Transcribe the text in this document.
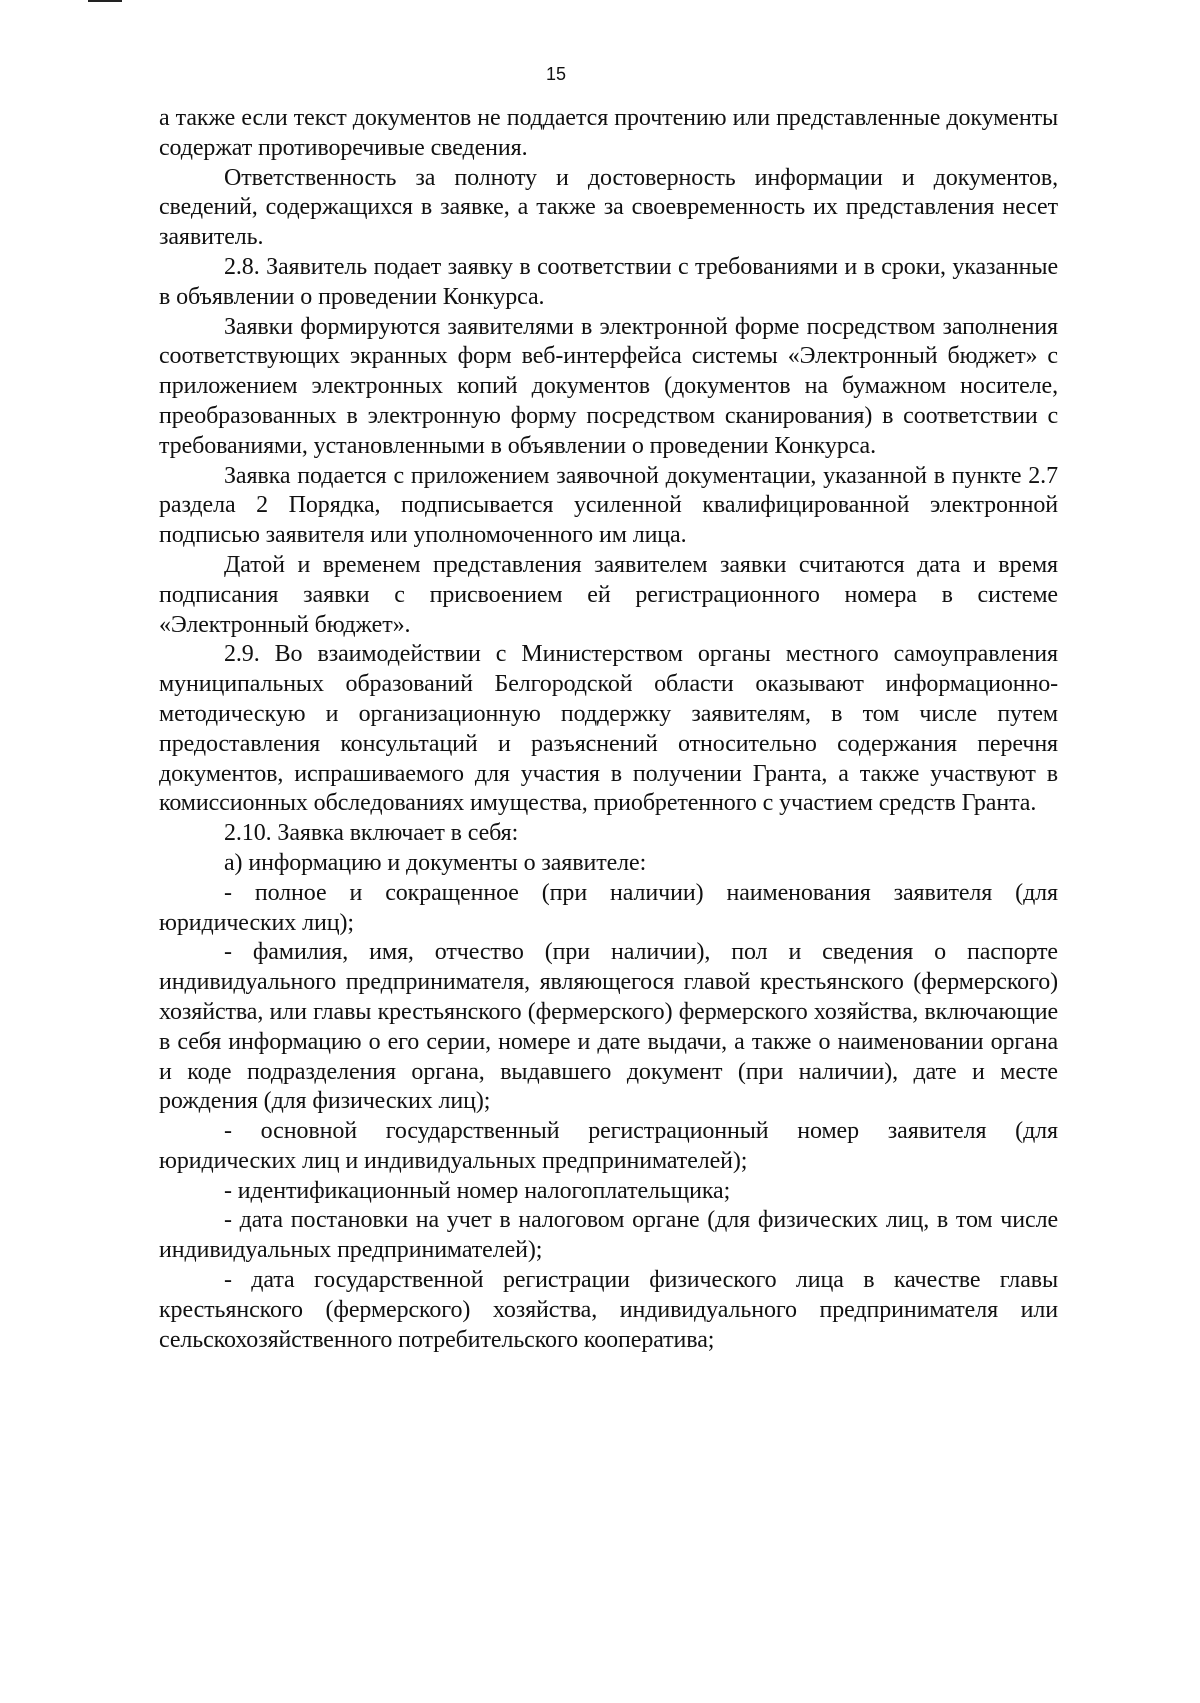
15

а также если текст документов не поддается прочтению или представленные документы содержат противоречивые сведения.

Ответственность за полноту и достоверность информации и документов, сведений, содержащихся в заявке, а также за своевременность их представления несет заявитель.

2.8. Заявитель подает заявку в соответствии с требованиями и в сроки, указанные в объявлении о проведении Конкурса.

Заявки формируются заявителями в электронной форме посредством заполнения соответствующих экранных форм веб-интерфейса системы «Электронный бюджет» с приложением электронных копий документов (документов на бумажном носителе, преобразованных в электронную форму посредством сканирования) в соответствии с требованиями, установленными в объявлении о проведении Конкурса.

Заявка подается с приложением заявочной документации, указанной в пункте 2.7 раздела 2 Порядка, подписывается усиленной квалифицированной электронной подписью заявителя или уполномоченного им лица.

Датой и временем представления заявителем заявки считаются дата и время подписания заявки с присвоением ей регистрационного номера в системе «Электронный бюджет».

2.9. Во взаимодействии с Министерством органы местного самоуправления муниципальных образований Белгородской области оказывают информационно-методическую и организационную поддержку заявителям, в том числе путем предоставления консультаций и разъяснений относительно содержания перечня документов, испрашиваемого для участия в получении Гранта, а также участвуют в комиссионных обследованиях имущества, приобретенного с участием средств Гранта.

2.10. Заявка включает в себя:

а) информацию и документы о заявителе:

- полное и сокращенное (при наличии) наименования заявителя (для юридических лиц);

- фамилия, имя, отчество (при наличии), пол и сведения о паспорте индивидуального предпринимателя, являющегося главой крестьянского (фермерского) хозяйства, или главы крестьянского (фермерского) фермерского хозяйства, включающие в себя информацию о его серии, номере и дате выдачи, а также о наименовании органа и коде подразделения органа, выдавшего документ (при наличии), дате и месте рождения (для физических лиц);

- основной государственный регистрационный номер заявителя (для юридических лиц и индивидуальных предпринимателей);

- идентификационный номер налогоплательщика;

- дата постановки на учет в налоговом органе (для физических лиц, в том числе индивидуальных предпринимателей);

- дата государственной регистрации физического лица в качестве главы крестьянского (фермерского) хозяйства, индивидуального предпринимателя или сельскохозяйственного потребительского кооператива;
